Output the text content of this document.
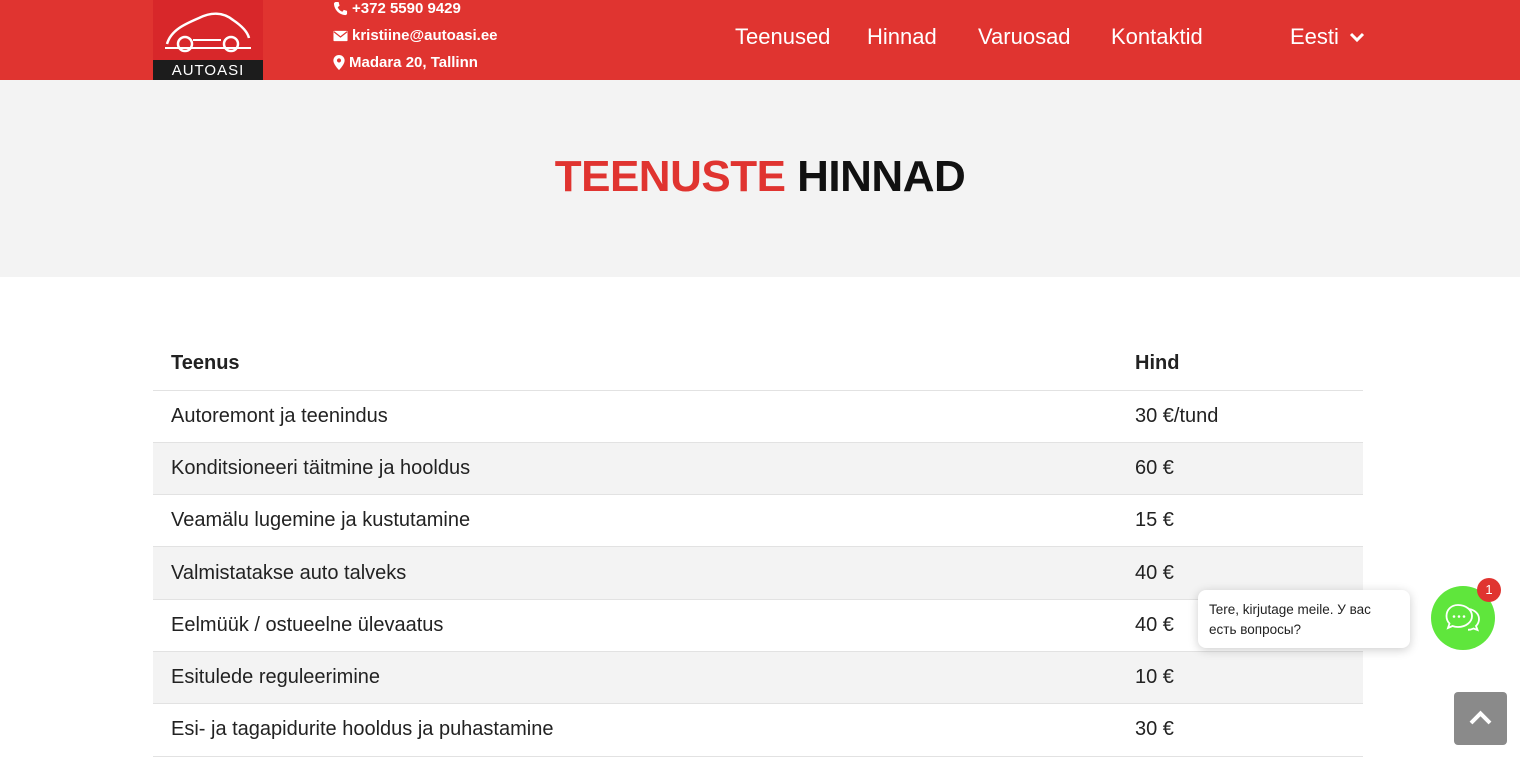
AUTOASI
+372 5590 9429
kristiine@autoasi.ee
Madara 20, Tallinn
Teenused Hinnad Varuosad Kontaktid	Eesti
TEENUSTE HINNAD
Teenus	Hind
Autoremont ja teenindus	30 €/tund
Konditsioneeri täitmine ja hooldus	60 €
Veamälu lugemine ja kustutamine	15 €
Valmistatakse auto talveks	40 €
Eelmüük / ostueelne ülevaatus	40 €
Esitulede reguleerimine	10 €
Esi- ja tagapidurite hooldus ja puhastamine	30 €
Tere, kirjutage meile. У вас есть вопросы?
1
